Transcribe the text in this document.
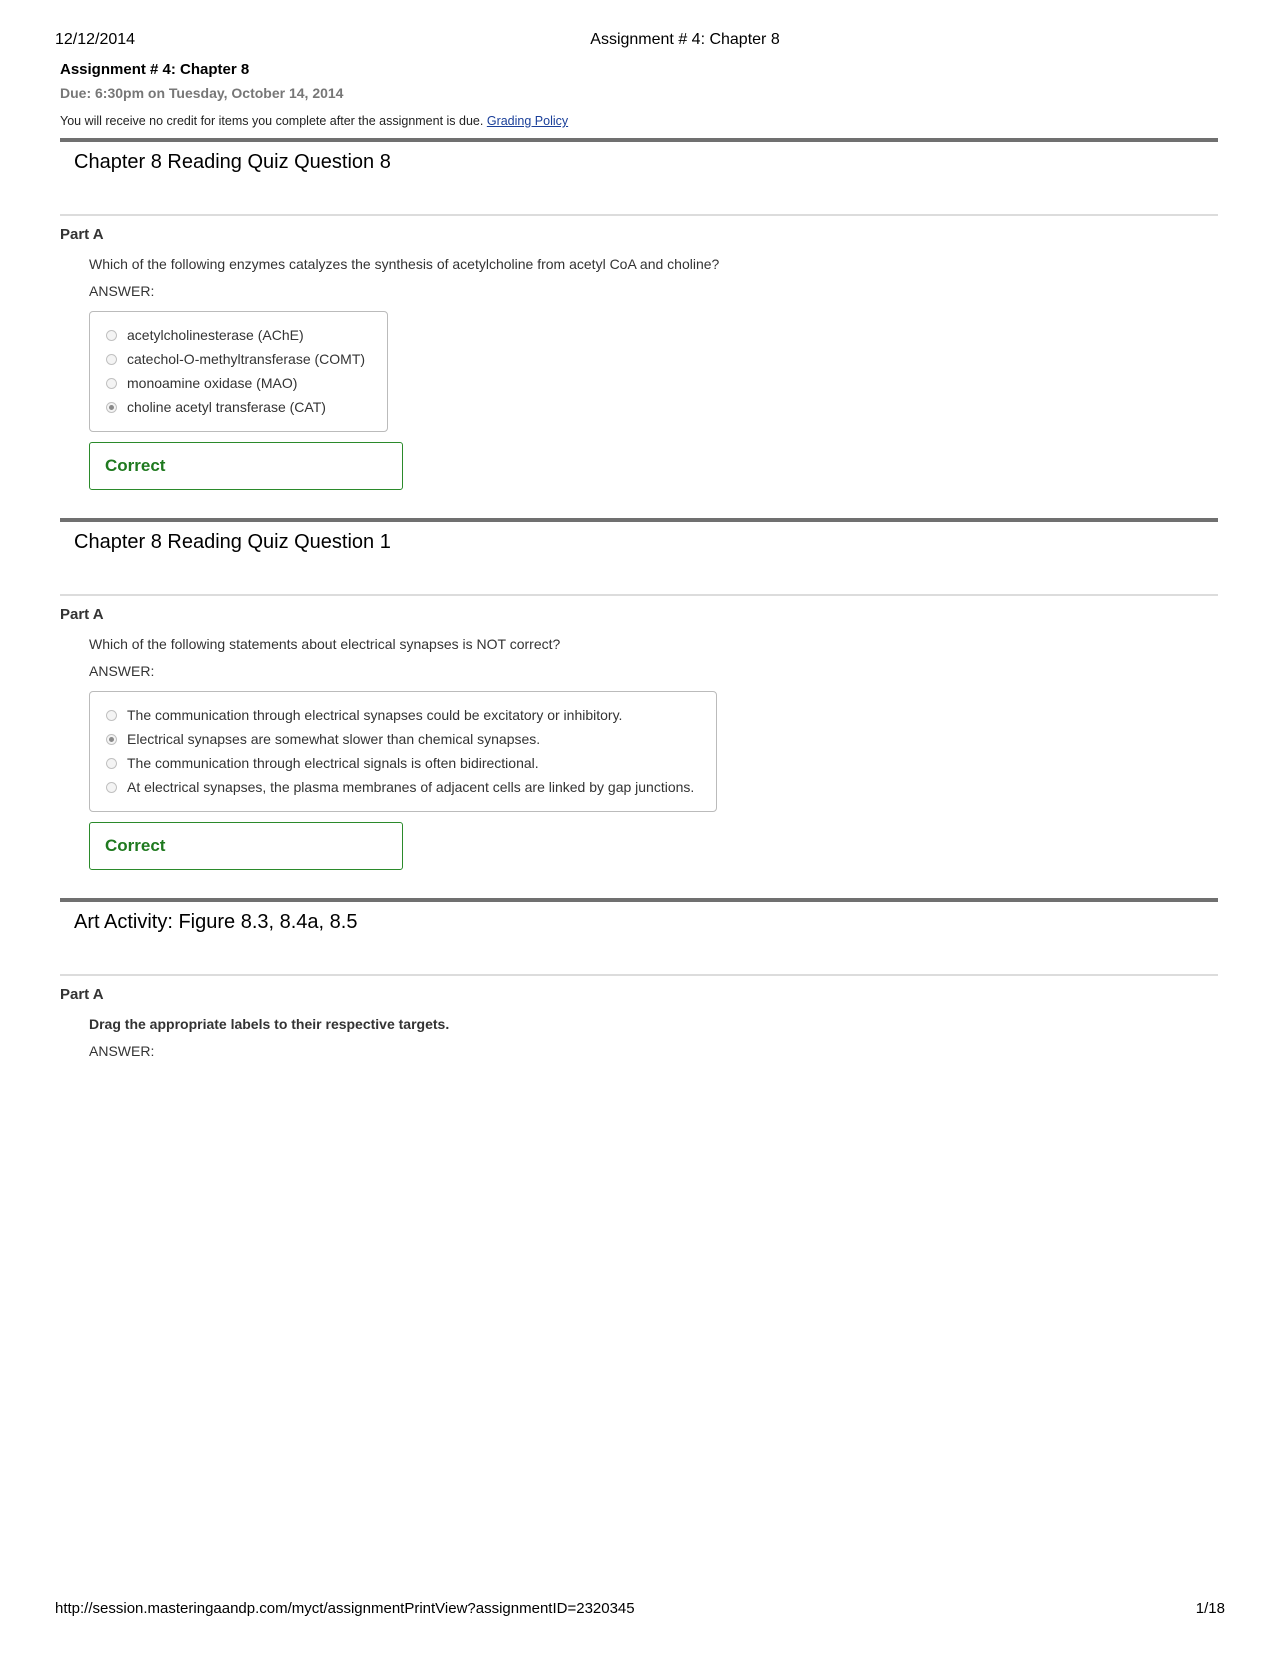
12/12/2014	Assignment # 4: Chapter 8
Assignment # 4: Chapter 8
Due: 6:30pm on Tuesday, October 14, 2014
You will receive no credit for items you complete after the assignment is due. Grading Policy
Chapter 8 Reading Quiz Question 8
Part A
Which of the following enzymes catalyzes the synthesis of acetylcholine from acetyl CoA and choline?
ANSWER:
acetylcholinesterase (AChE)
catechol-O-methyltransferase (COMT)
monoamine oxidase (MAO)
choline acetyl transferase (CAT)
Correct
Chapter 8 Reading Quiz Question 1
Part A
Which of the following statements about electrical synapses is NOT correct?
ANSWER:
The communication through electrical synapses could be excitatory or inhibitory.
Electrical synapses are somewhat slower than chemical synapses.
The communication through electrical signals is often bidirectional.
At electrical synapses, the plasma membranes of adjacent cells are linked by gap junctions.
Correct
Art Activity: Figure 8.3, 8.4a, 8.5
Part A
Drag the appropriate labels to their respective targets.
ANSWER:
http://session.masteringaandp.com/myct/assignmentPrintView?assignmentID=2320345	1/18
